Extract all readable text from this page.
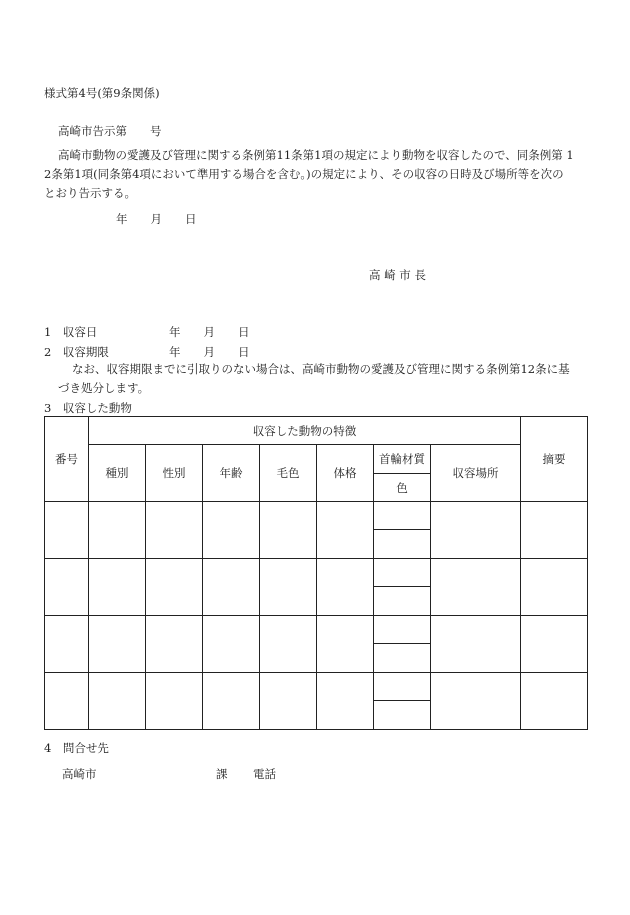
様式第4号(第9条関係)
高崎市告示第　　号
高崎市動物の愛護及び管理に関する条例第11条第1項の規定により動物を収容したので、同条例第 1
2条第1項(同条第4項において準用する場合を含む。)の規定により、その収容の日時及び場所等を次の
とおり告示する。
年　　月　　日
高 崎 市 長
1　収容日	年　　月　　日
2　収容期限	年　　月　　日
なお、収容期限までに引取りのない場合は、高崎市動物の愛護及び管理に関する条例第12条に基
づき処分します。
3　収容した動物
番号	収容した動物の特徴							摘要
	種別	性別	年齢	毛色	体格	首輪材質	収容場所	
						色		

4　問合せ先
高崎市	課 電話
